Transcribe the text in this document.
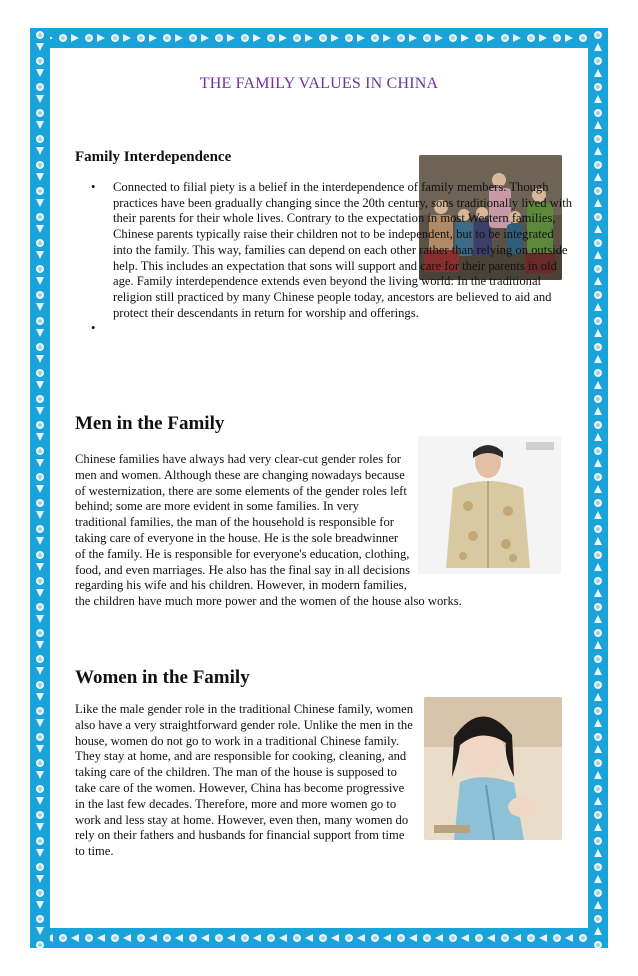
THE FAMILY VALUES IN CHINA
Family Interdependence
• Connected to filial piety is a belief in the interdependence of family members. Though practices have been gradually changing since the 20th century, sons traditionally lived with their parents for their whole lives. Contrary to the expectation in most Western families, Chinese parents typically raise their children not to be independent, but to be integrated into the family. This way, families can depend on each other rather than relying on outside help. This includes an expectation that sons will support and care for their parents in old age. Family interdependence extends even beyond the living world: In the traditional religion still practiced by many Chinese people today, ancestors are believed to aid and protect their descendants in return for worship and offerings.
•
Men in the Family

Chinese families have always had very clear-cut gender roles for men and women. Although these are changing nowadays because of westernization, there are some elements of the gender roles left behind; some are more evident in some families. In very traditional families, the man of the household is responsible for taking care of everyone in the house. He is the sole breadwinner of the family. He is responsible for everyone's education, clothing, food, and even marriages. He also has the final say in all decisions regarding his wife and his children. However, in modern families, the children have much more power and the women of the house also works.

Women in the Family

Like the male gender role in the traditional Chinese family, women also have a very straightforward gender role. Unlike the men in the house, women do not go to work in a traditional Chinese family. They stay at home, and are responsible for cooking, cleaning, and taking care of the children. The man of the house is supposed to take care of the women. However, China has become progressive in the last few decades. Therefore, more and more women go to work and less stay at home. However, even then, many women do rely on their fathers and husbands for financial support from time to time.
